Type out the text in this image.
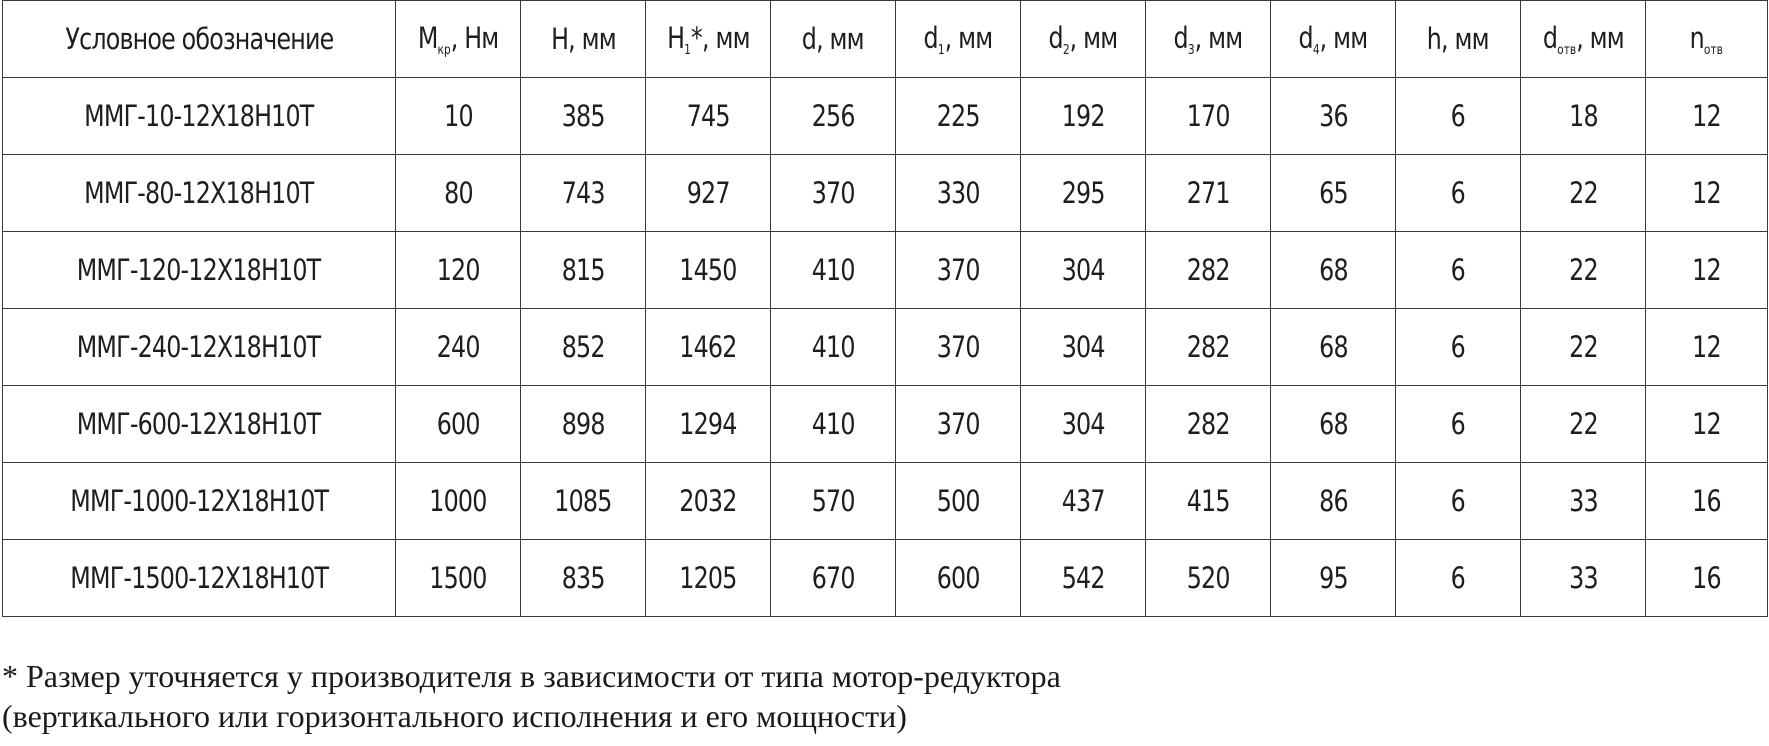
Условное обозначение	$M_{кр}$, Нм	H, мм	$H_1*$, мм	d, мм	$d_1$, мм	$d_2$, мм	$d_3$, мм	$d_4$, мм	h, мм	$d_{отв}$, мм	$n_{отв}$
ММГ-10-12Х18Н10Т	10	385	745	256	225	192	170	36	6	18	12
ММГ-80-12Х18Н10Т	80	743	927	370	330	295	271	65	6	22	12
ММГ-120-12Х18Н10Т	120	815	1450	410	370	304	282	68	6	22	12
ММГ-240-12Х18Н10Т	240	852	1462	410	370	304	282	68	6	22	12
ММГ-600-12Х18Н10Т	600	898	1294	410	370	304	282	68	6	22	12
ММГ-1000-12Х18Н10Т	1000	1085	2032	570	500	437	415	86	6	33	16
ММГ-1500-12Х18Н10Т	1500	835	1205	670	600	542	520	95	6	33	16
* Размер уточняется у производителя в зависимости от типа мотор-редуктора
(вертикального или горизонтального исполнения и его мощности)
